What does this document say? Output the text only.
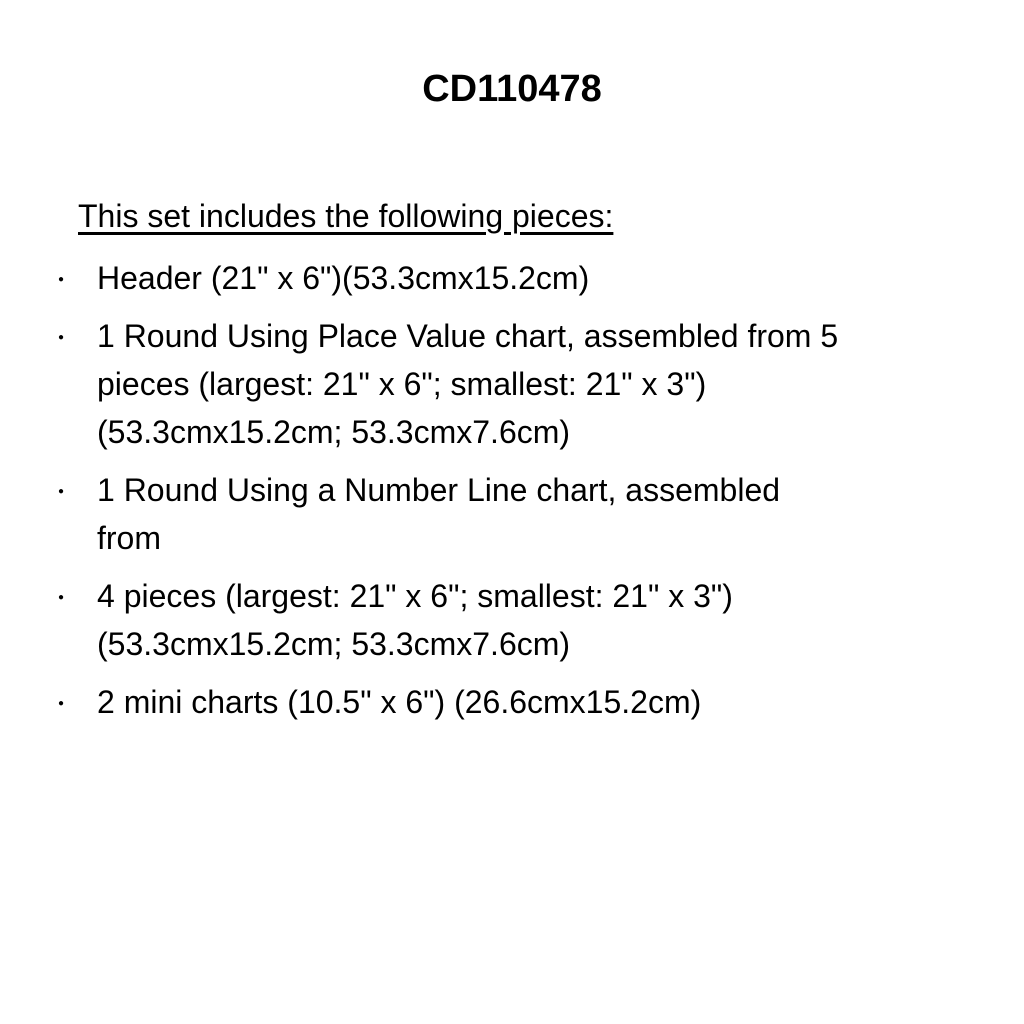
CD110478
This set includes the following pieces:
● Header (21" x 6")(53.3cmx15.2cm)
● 1 Round Using Place Value chart, assembled from 5
pieces (largest: 21" x 6"; smallest: 21" x 3")
(53.3cmx15.2cm; 53.3cmx7.6cm)
● 1 Round Using a Number Line chart, assembled
from
● 4 pieces (largest: 21" x 6"; smallest: 21" x 3")
(53.3cmx15.2cm; 53.3cmx7.6cm)
● 2 mini charts (10.5" x 6") (26.6cmx15.2cm)
